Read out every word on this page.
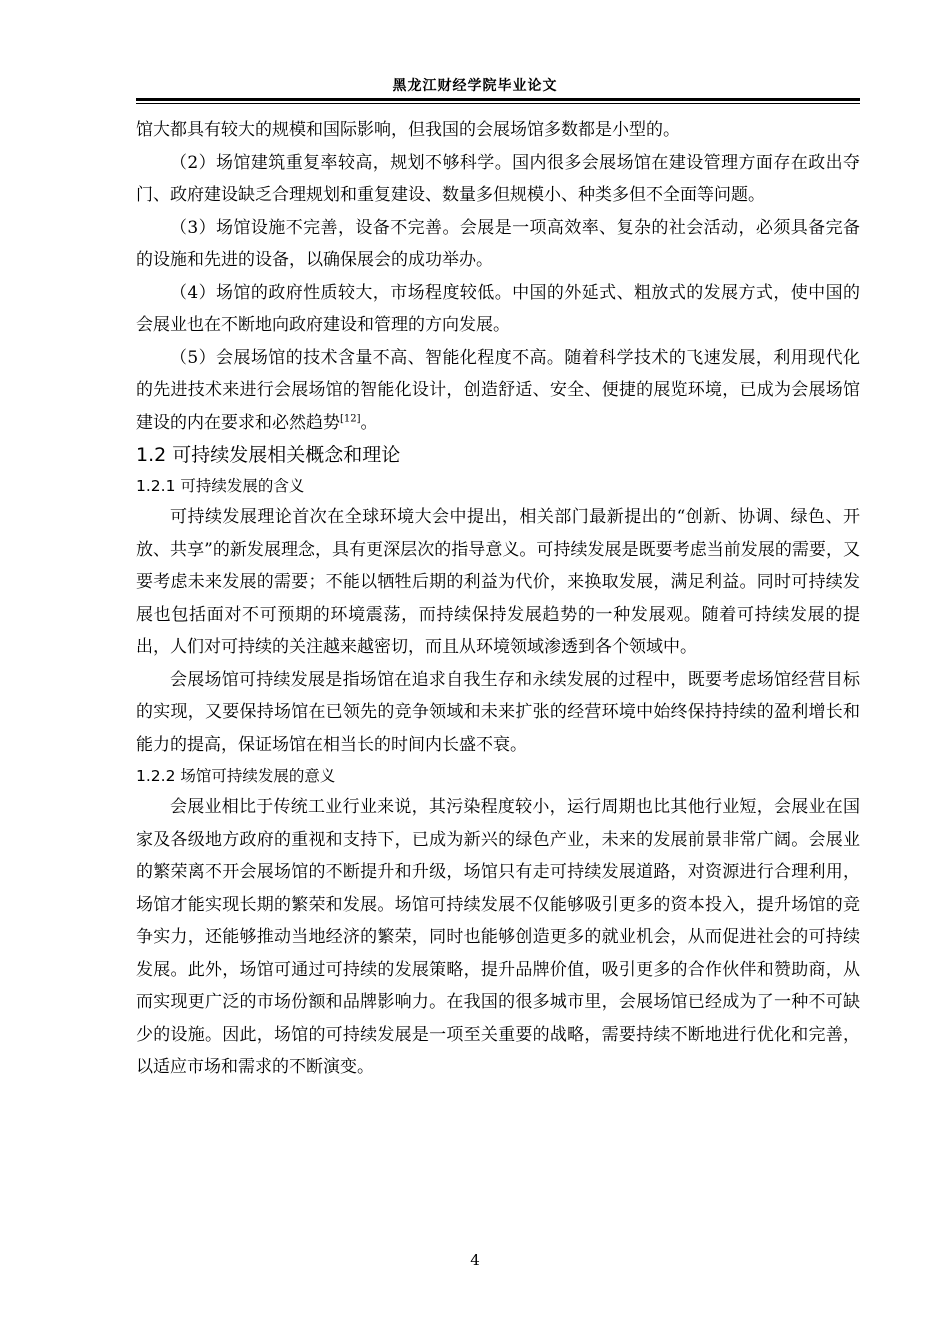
黑龙江财经学院毕业论文

馆大都具有较大的规模和国际影响，但我国的会展场馆多数都是小型的。

（2）场馆建筑重复率较高，规划不够科学。国内很多会展场馆在建设管理方面存在政出夺门、政府建设缺乏合理规划和重复建设、数量多但规模小、种类多但不全面等问题。

（3）场馆设施不完善，设备不完善。会展是一项高效率、复杂的社会活动，必须具备完备的设施和先进的设备，以确保展会的成功举办。

（4）场馆的政府性质较大，市场程度较低。中国的外延式、粗放式的发展方式，使中国的会展业也在不断地向政府建设和管理的方向发展。

（5）会展场馆的技术含量不高、智能化程度不高。随着科学技术的飞速发展，利用现代化的先进技术来进行会展场馆的智能化设计，创造舒适、安全、便捷的展览环境，已成为会展场馆建设的内在要求和必然趋势[12]。

1.2 可持续发展相关概念和理论
1.2.1 可持续发展的含义

可持续发展理论首次在全球环境大会中提出，相关部门最新提出的“创新、协调、绿色、开放、共享”的新发展理念，具有更深层次的指导意义。可持续发展是既要考虑当前发展的需要，又要考虑未来发展的需要；不能以牺牲后期的利益为代价，来换取发展，满足利益。同时可持续发展也包括面对不可预期的环境震荡，而持续保持发展趋势的一种发展观。随着可持续发展的提出，人们对可持续的关注越来越密切，而且从环境领域渗透到各个领域中。

会展场馆可持续发展是指场馆在追求自我生存和永续发展的过程中，既要考虑场馆经营目标的实现，又要保持场馆在已领先的竞争领域和未来扩张的经营环境中始终保持持续的盈利增长和能力的提高，保证场馆在相当长的时间内长盛不衰。

1.2.2 场馆可持续发展的意义

会展业相比于传统工业行业来说，其污染程度较小，运行周期也比其他行业短，会展业在国家及各级地方政府的重视和支持下，已成为新兴的绿色产业，未来的发展前景非常广阔。会展业的繁荣离不开会展场馆的不断提升和升级，场馆只有走可持续发展道路，对资源进行合理利用，场馆才能实现长期的繁荣和发展。场馆可持续发展不仅能够吸引更多的资本投入，提升场馆的竞争实力，还能够推动当地经济的繁荣，同时也能够创造更多的就业机会，从而促进社会的可持续发展。此外，场馆可通过可持续的发展策略，提升品牌价值，吸引更多的合作伙伴和赞助商，从而实现更广泛的市场份额和品牌影响力。在我国的很多城市里，会展场馆已经成为了一种不可缺少的设施。因此，场馆的可持续发展是一项至关重要的战略，需要持续不断地进行优化和完善，以适应市场和需求的不断演变。

4
